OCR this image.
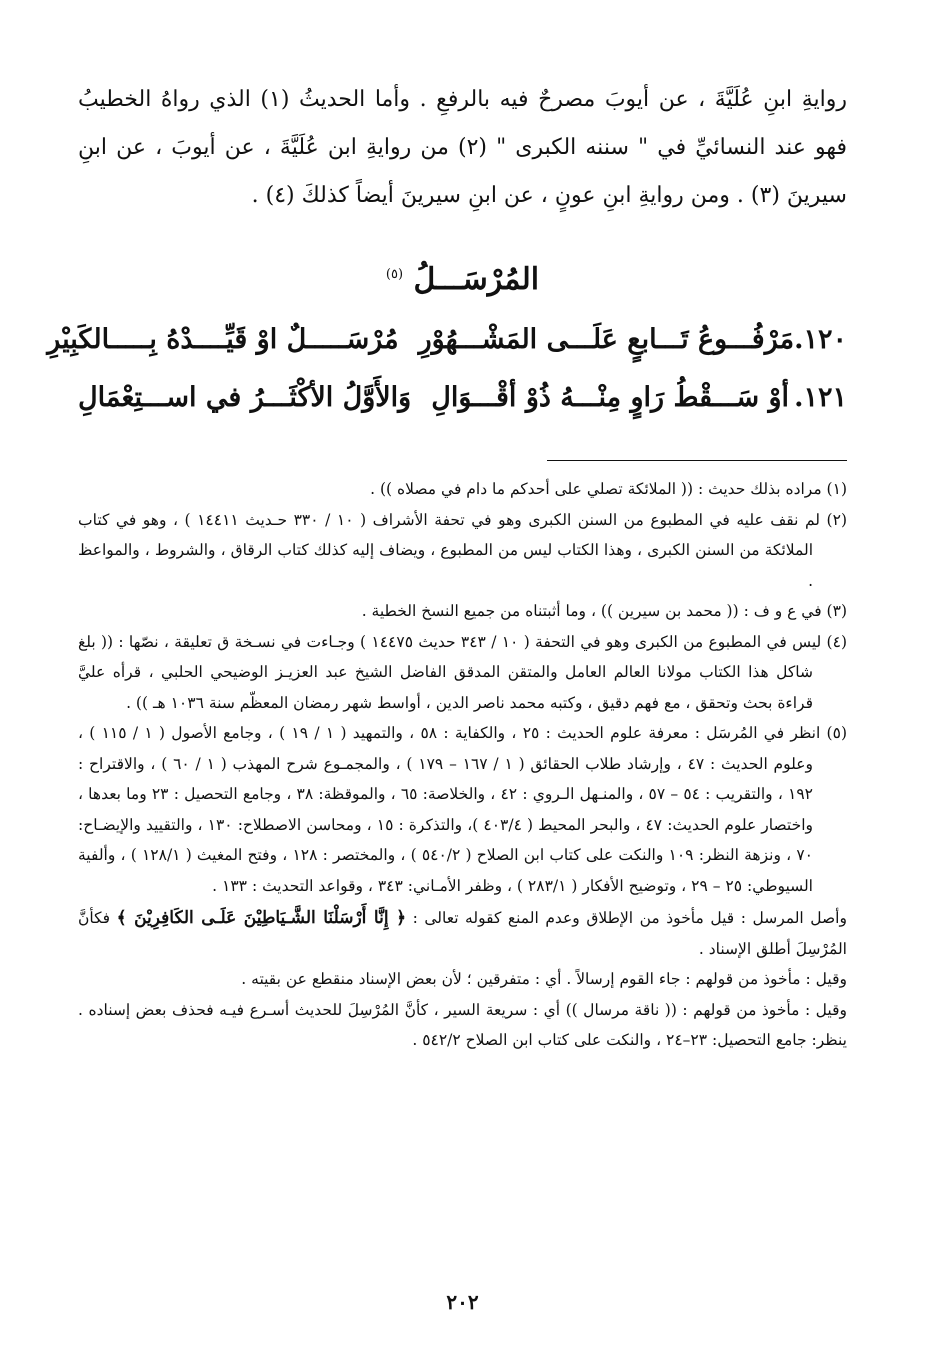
روايةِ ابنِ عُلَيَّةَ ، عن أيوبَ مصرحٌ فيه بالرفعِ . وأما الحديثُ (١) الذي رواهُ الخطيبُ فهو عند النسائيِّ في " سننه الكبرى " (٢) من روايةِ ابن عُلَيَّةَ ، عن أيوبَ ، عن ابنِ سيرينَ (٣) . ومن روايةِ ابنِ عونٍ ، عن ابنِ سيرينَ أيضاً كذلكَ (٤) .
المُرْسَـــلُ $^{(٥)}$
١٢٠.
مَرْفُـــوعُ تَـــابعٍ عَلَـــى المَشْـــهُوْرِ
مُرْسَـــــلٌ اوْ قَيِّــــدْهُ بِـــــالكَبِيْرِ
١٢١.
أوْ سَـــقْطُ رَاوٍ مِنْـــهُ ذُوْ أقْـــوَالِ
وَالأَوَّلُ الأكْثَـــرُ في اســـتِعْمَالِ

(١) مراده بذلك حديث : (( الملائكة تصلي على أحدكم ما دام في مصلاه )) .

(٢) لم نقف عليه في المطبوع من السنن الكبرى وهو في تحفة الأشراف ( ١٠ / ٣٣٠ حـديث ١٤٤١١ ) ، وهو في كتاب الملائكة من السنن الكبرى ، وهذا الكتاب ليس من المطبوع ، ويضاف إليه كذلك كتاب الرقاق ، والشروط ، والمواعظ .

(٣) في ع و ف : (( محمد بن سيرين )) ، وما أثبتناه من جميع النسخ الخطية .

(٤) ليس في المطبوع من الكبرى وهو في التحفة ( ١٠ / ٣٤٣ حديث ١٤٤٧٥ ) وجـاءت في نسـخة ق تعليقة ، نصّها : (( بلغ شاكل هذا الكتاب مولانا العالم العامل والمتقن المدقق الفاضل الشيخ عبد العزيـز الوضيحي الحلبي ، قرأه عليَّ قراءة بحث وتحقق ، مع فهم دقيق ، وكتبه محمد ناصر الدين ، أواسط شهر رمضان المعظّم سنة ١٠٣٦ هـ )) .

(٥) انظر في المُرسَل : معرفة علوم الحديث : ٢٥ ، والكفاية : ٥٨ ، والتمهيد ( ١ / ١٩ ) ، وجامع الأصول ( ١ / ١١٥ ) ، وعلوم الحديث : ٤٧ ، وإرشاد طلاب الحقائق ( ١ / ١٦٧ – ١٧٩ ) ، والمجمـوع شرح المهذب ( ١ / ٦٠ ) ، والاقتراح : ١٩٢ ، والتقريب : ٥٤ – ٥٧ ، والمنـهل الـروي : ٤٢ ، والخلاصة: ٦٥ ، والموقظة: ٣٨ ، وجامع التحصيل : ٢٣ وما بعدها ، واختصار علوم الحديث: ٤٧ ، والبحر المحيط ( ٤٠٣/٤ )، والتذكرة : ١٥ ، ومحاسن الاصطلاح: ١٣٠ ، والتقييد والإيضـاح: ٧٠ ، ونزهة النظر: ١٠٩ والنكت على كتاب ابن الصلاح ( ٥٤٠/٢ ) ، والمختصر : ١٢٨ ، وفتح المغيث ( ١٢٨/١ ) ، وألفية السيوطي: ٢٥ – ٢٩ ، وتوضيح الأفكار ( ٢٨٣/١ ) ، وظفر الأمـاني: ٣٤٣ ، وقواعد التحديث : ١٣٣ .

وأصل المرسل : قيل مأخوذ من الإطلاق وعدم المنع كقوله تعالى : ﴿ إِنَّا أَرْسَلْنَا الشَّـيَاطِيْنَ عَلَـى الكَافِرِيْنَ ﴾ فكأنَّ المُرْسِلَ أطلق الإسناد .

وقيل : مأخوذ من قولهم : جاء القوم إرسالاً . أي : متفرقين ؛ لأن بعض الإسناد منقطع عن بقيته .

وقيل : مأخوذ من قولهم : (( ناقة مرسال )) أي : سريعة السير ، كأنَّ المُرْسِلَ للحديث أسـرع فيـه فحذف بعض إسناده . ينظر: جامع التحصيل: ٢٣–٢٤ ، والنكت على كتاب ابن الصلاح ٥٤٢/٢ .

٢٠٢
